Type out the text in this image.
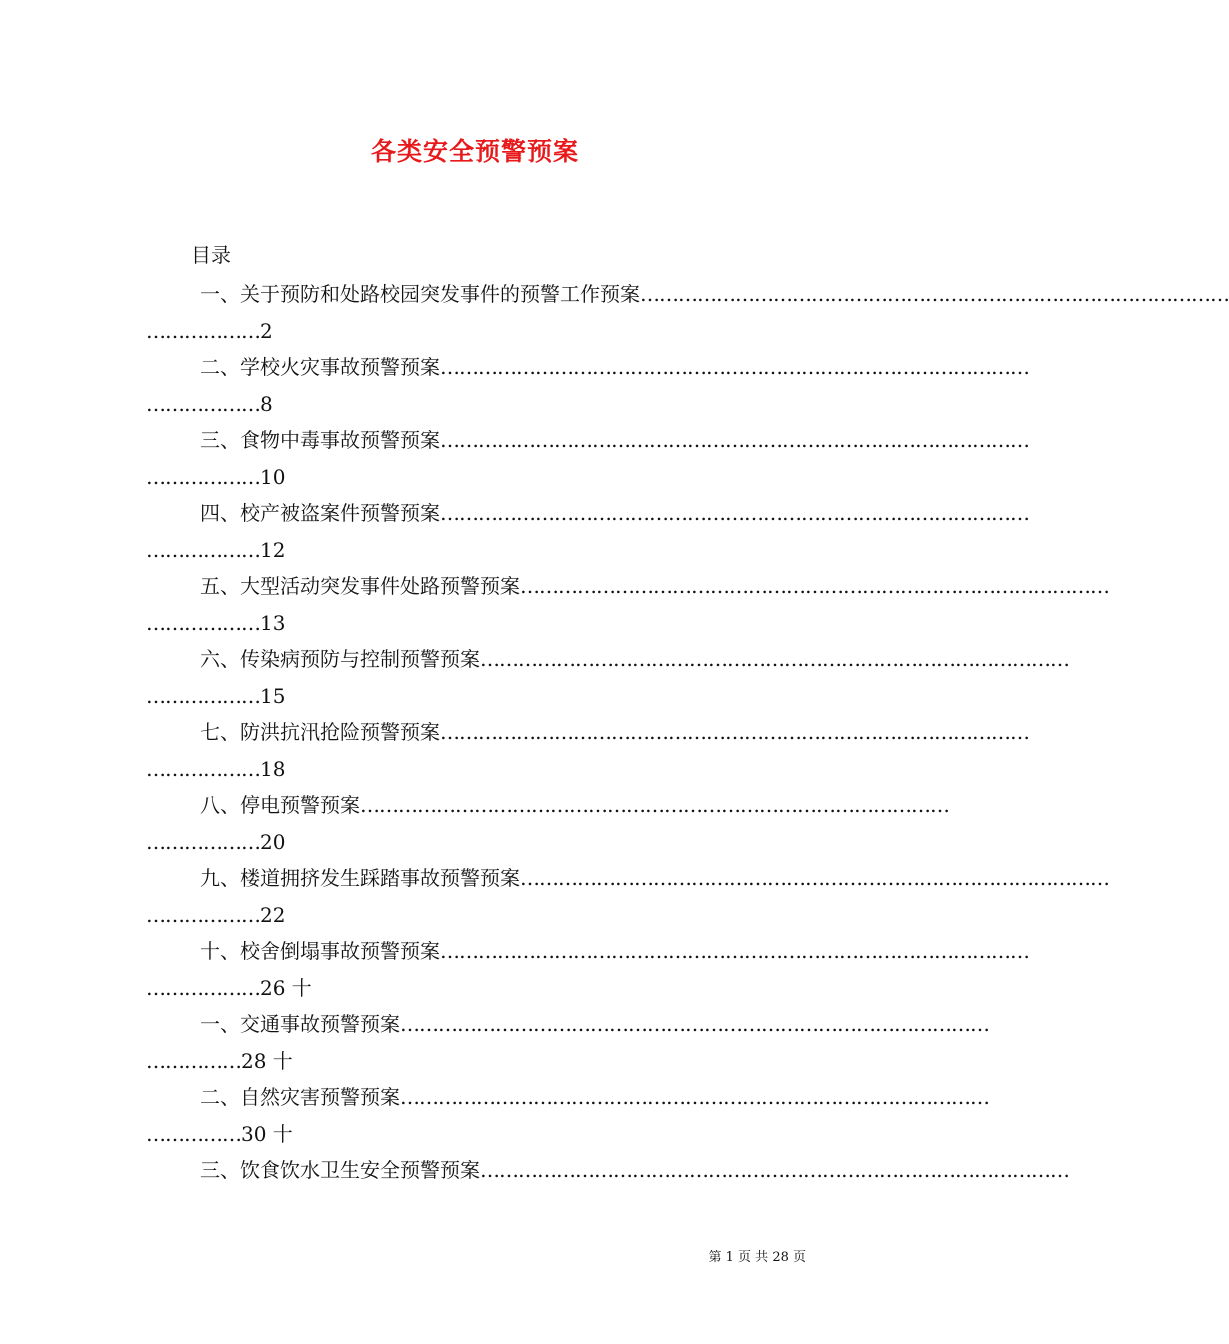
各类安全预警预案
目录
一、关于预防和处路校园突发事件的预警工作预案 …………………………………………………………………………………
………………2
二、学校火灾事故预警预案 …………………………………………………………………………………
………………8
三、食物中毒事故预警预案 …………………………………………………………………………………
………………10
四、校产被盗案件预警预案 …………………………………………………………………………………
………………12
五、大型活动突发事件处路预警预案 …………………………………………………………………………………
………………13
六、传染病预防与控制预警预案 …………………………………………………………………………………
………………15
七、防洪抗汛抢险预警预案 …………………………………………………………………………………
………………18
八、停电预警预案 …………………………………………………………………………………
………………20
九、楼道拥挤发生踩踏事故预警预案 …………………………………………………………………………………
………………22
十、校舍倒塌事故预警预案 …………………………………………………………………………………
………………26 十
一、交通事故预警预案 …………………………………………………………………………………
……………28 十
二、自然灾害预警预案 …………………………………………………………………………………
……………30 十
三、饮食饮水卫生安全预警预案 …………………………………………………………………………………
第 1 页 共 28 页
